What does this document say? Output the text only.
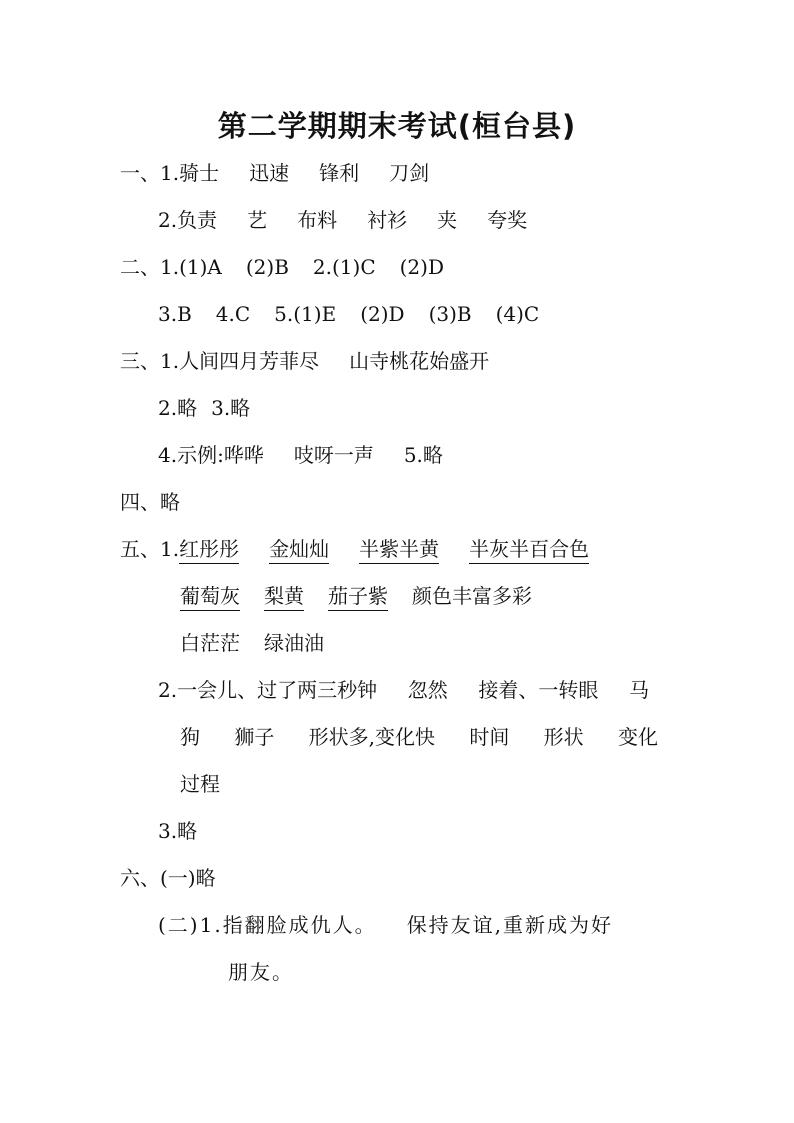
第二学期期末考试(桓台县)
一、1.骑士 迅速 锋利 刀剑
2.负责 艺 布料 衬衫 夹 夸奖
二、1.(1)A (2)B 2.(1)C (2)D
3.B 4.C 5.(1)E (2)D (3)B (4)C
三、1.人间四月芳菲尽 山寺桃花始盛开
2.略 3.略
4.示例:哗哗 吱呀一声 5.略
四、略
五、1.红彤彤 金灿灿 半紫半黄 半灰半百合色
葡萄灰 梨黄 茄子紫 颜色丰富多彩
白茫茫 绿油油
2. 一会儿、过了两三秒钟 忽然 接着、一转眼 马
狗 狮子 形状多,变化快 时间 形状 变化
过程
3.略
六、(一)略
(二)1.指翻脸成仇人。 保持友谊,重新成为好
朋友。
